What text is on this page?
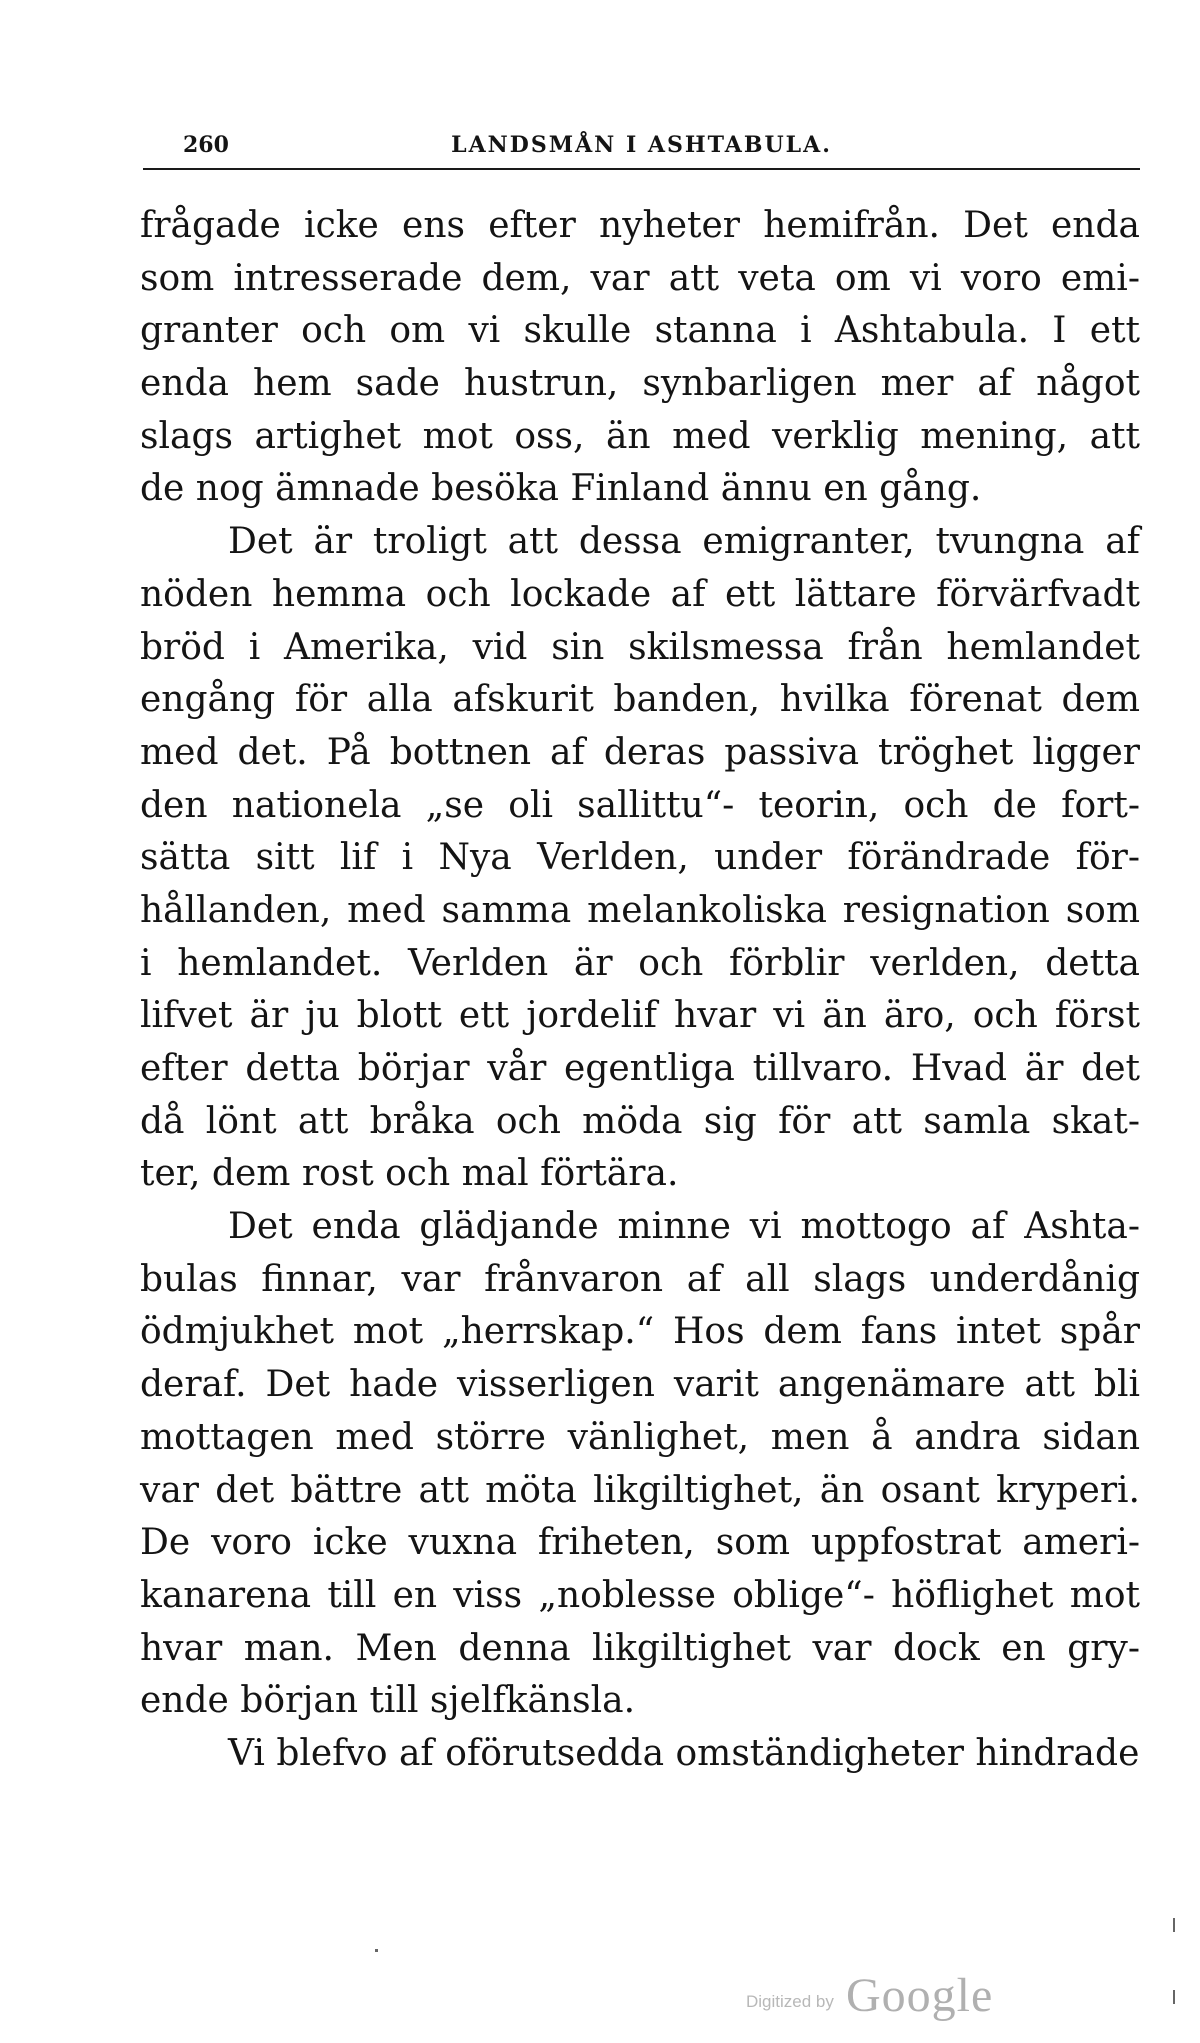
260	LANDSMÅN I ASHTABULA.
frågade icke ens efter nyheter hemifrån. Det enda
som intresserade dem, var att veta om vi voro emi-
granter och om vi skulle stanna i Ashtabula. I ett
enda hem sade hustrun, synbarligen mer af något
slags artighet mot oss, än med verklig mening, att
de nog ämnade besöka Finland ännu en gång.
Det är troligt att dessa emigranter, tvungna af
nöden hemma och lockade af ett lättare förvärfvadt
bröd i Amerika, vid sin skilsmessa från hemlandet
engång för alla afskurit banden, hvilka förenat dem
med det. På bottnen af deras passiva tröghet ligger
den nationela „se oli sallittu“- teorin, och de fort-
sätta sitt lif i Nya Verlden, under förändrade för-
hållanden, med samma melankoliska resignation som
i hemlandet. Verlden är och förblir verlden, detta
lifvet är ju blott ett jordelif hvar vi än äro, och först
efter detta börjar vår egentliga tillvaro. Hvad är det
då lönt att bråka och möda sig för att samla skat-
ter, dem rost och mal förtära.
Det enda glädjande minne vi mottogo af Ashta-
bulas finnar, var frånvaron af all slags underdånig
ödmjukhet mot „herrskap.“ Hos dem fans intet spår
deraf. Det hade visserligen varit angenämare att bli
mottagen med större vänlighet, men å andra sidan
var det bättre att möta likgiltighet, än osant kryperi.
De voro icke vuxna friheten, som uppfostrat ameri-
kanarena till en viss „noblesse oblige“- höflighet mot
hvar man. Men denna likgiltighet var dock en gry-
ende början till sjelfkänsla.
Vi blefvo af oförutsedda omständigheter hindrade
Digitized by Google
